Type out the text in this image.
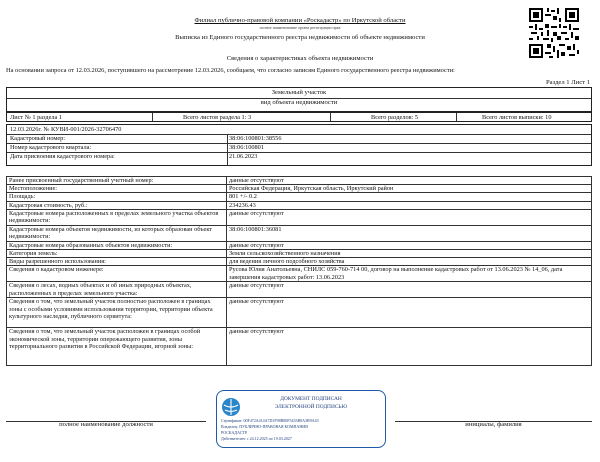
Филиал публично-правовой компании «Роскадастр» по Иркутской области
полное наименование органа регистрации прав
Выписка из Единого государственного реестра недвижимости об объекте недвижимости
Сведения о характеристиках объекта недвижимости
На основании запроса от 12.03.2026, поступившего на рассмотрение 12.03.2026, сообщаем, что согласно записям Единого государственного реестра недвижимости:
Раздел 1 Лист 1
Земельный участок
вид объекта недвижимости
Лист № 1 раздела 1	Всего листов раздела 1: 3	Всего разделов: 5	Всего листов выписки: 10
12.03.2026г. № КУВИ-001/2026-32706470
Кадастровый номер:	38:06:100801:38556
Номер кадастрового квартала:	38:06:100801
Дата присвоения кадастрового номера:	21.06.2023
Ранее присвоенный государственный учетный номер:	данные отсутствуют
Местоположение:	Российская Федерация, Иркутская область, Иркутский район
Площадь:	801 +/- 0.2
Кадастровая стоимость, руб.:	234236.43
Кадастровые номера расположенных в пределах земельного участка объектов недвижимости:	данные отсутствуют
Кадастровые номера объектов недвижимости, из которых образован объект недвижимости:	38:06:100801:36081
Кадастровые номера образованных объектов недвижимости:	данные отсутствуют
Категория земель:	Земли сельскохозяйственного назначения
Виды разрешенного использования:	для ведения личного подсобного хозяйства
Сведения о кадастровом инженере:	Русова Юлия Анатольевна, СНИЛС 059-760-714 00, договор на выполнение кадастровых работ от 13.06.2023 № 14_06, дата завершения кадастровых работ: 13.06.2023
Сведения о лесах, водных объектах и об иных природных объектах, расположенных в пределах земельного участка:	данные отсутствуют
Сведения о том, что земельный участок полностью расположен в границах зоны с особыми условиями использования территории, территории объекта культурного наследия, публичного сервитута:	данные отсутствуют
Сведения о том, что земельный участок расположен в границах особой экономической зоны, территории опережающего развития, зоны территориального развития в Российской Федерации, игорной зоны:	данные отсутствуют
полное наименование должности	инициалы, фамилия
ДОКУМЕНТ ПОДПИСАН
ЭЛЕКТРОННОЙ ПОДПИСЬЮ
Сертификат: 00F472A414A7D1F98B80F5433B0A3B9A43
Владелец: ПУБЛИЧНО-ПРАВОВАЯ КОМПАНИЯ
РОСКАДАСТР
Действителен: с 24.12.2025 по 19.03.2027
